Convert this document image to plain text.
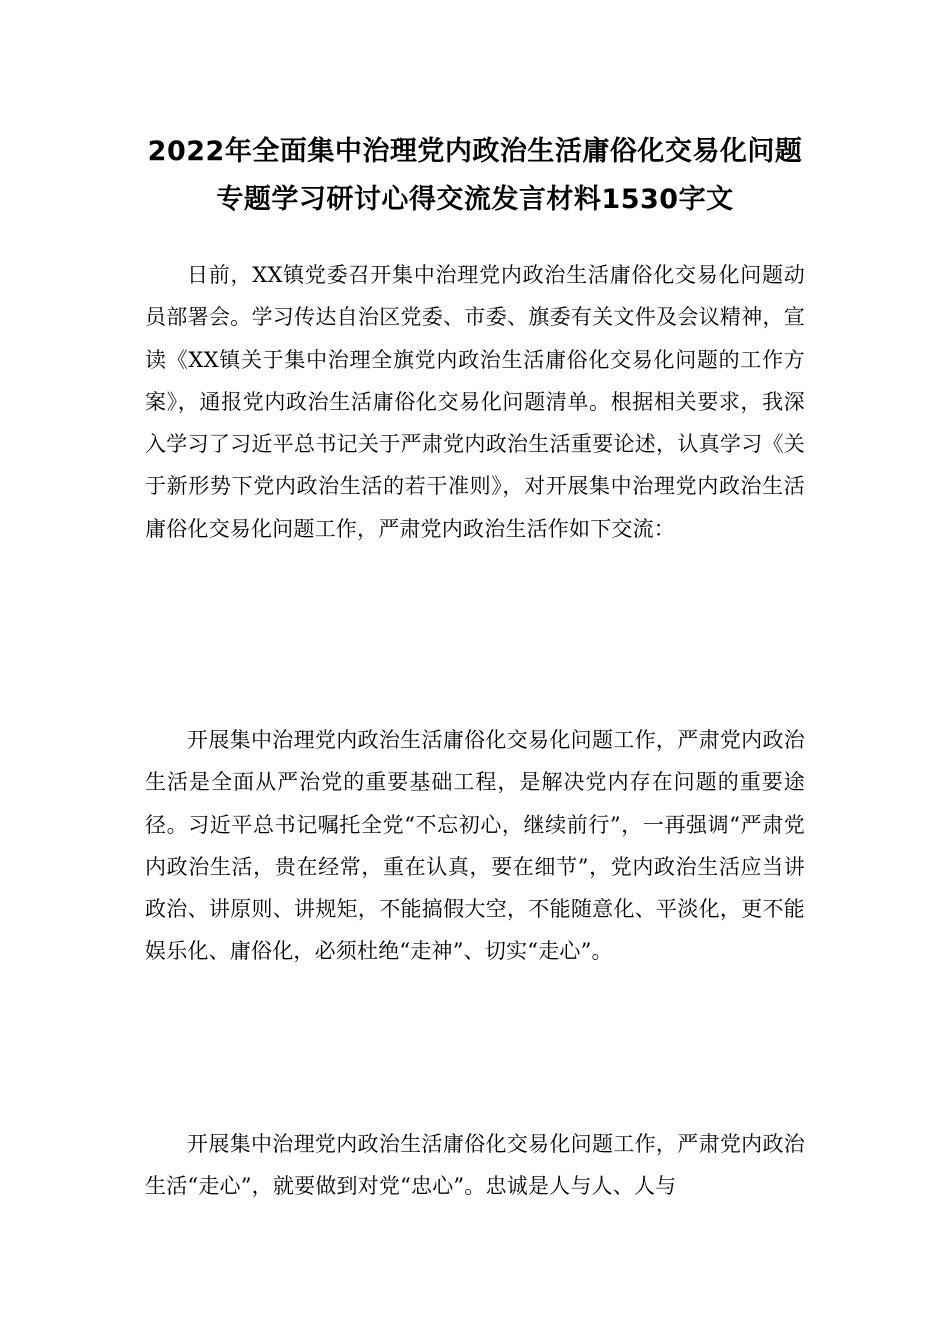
2022年全面集中治理党内政治生活庸俗化交易化问题专题学习研讨心得交流发言材料1530字文

日前，XX镇党委召开集中治理党内政治生活庸俗化交易化问题动员部署会。学习传达自治区党委、市委、旗委有关文件及会议精神，宣读《XX镇关于集中治理全旗党内政治生活庸俗化交易化问题的工作方案》，通报党内政治生活庸俗化交易化问题清单。根据相关要求，我深入学习了习近平总书记关于严肃党内政治生活重要论述，认真学习《关于新形势下党内政治生活的若干准则》，对开展集中治理党内政治生活庸俗化交易化问题工作，严肃党内政治生活作如下交流：

开展集中治理党内政治生活庸俗化交易化问题工作，严肃党内政治生活是全面从严治党的重要基础工程，是解决党内存在问题的重要途径。习近平总书记嘱托全党“不忘初心，继续前行”，一再强调“严肃党内政治生活，贵在经常，重在认真，要在细节”，党内政治生活应当讲政治、讲原则、讲规矩，不能搞假大空，不能随意化、平淡化，更不能娱乐化、庸俗化，必须杜绝“走神”、切实“走心”。

开展集中治理党内政治生活庸俗化交易化问题工作，严肃党内政治生活“走心”，就要做到对党“忠心”。忠诚是人与人、人与
